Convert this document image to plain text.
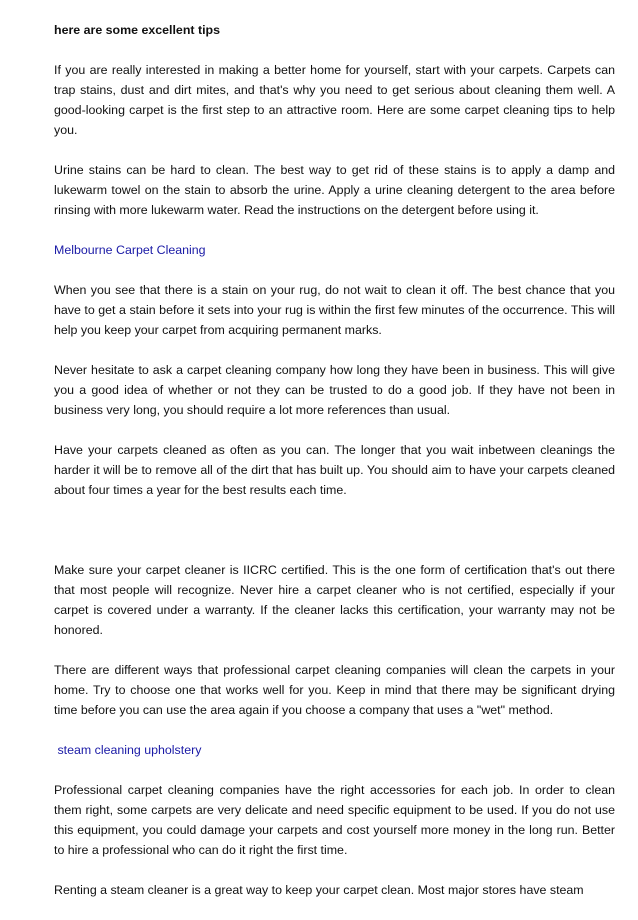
here are some excellent tips

If you are really interested in making a better home for yourself, start with your carpets. Carpets can trap stains, dust and dirt mites, and that's why you need to get serious about cleaning them well. A good-looking carpet is the first step to an attractive room. Here are some carpet cleaning tips to help you.

Urine stains can be hard to clean. The best way to get rid of these stains is to apply a damp and lukewarm towel on the stain to absorb the urine. Apply a urine cleaning detergent to the area before rinsing with more lukewarm water. Read the instructions on the detergent before using it.

Melbourne Carpet Cleaning

When you see that there is a stain on your rug, do not wait to clean it off. The best chance that you have to get a stain before it sets into your rug is within the first few minutes of the occurrence. This will help you keep your carpet from acquiring permanent marks.

Never hesitate to ask a carpet cleaning company how long they have been in business. This will give you a good idea of whether or not they can be trusted to do a good job. If they have not been in business very long, you should require a lot more references than usual.

Have your carpets cleaned as often as you can. The longer that you wait inbetween cleanings the harder it will be to remove all of the dirt that has built up. You should aim to have your carpets cleaned about four times a year for the best results each time.

Make sure your carpet cleaner is IICRC certified. This is the one form of certification that's out there that most people will recognize. Never hire a carpet cleaner who is not certified, especially if your carpet is covered under a warranty. If the cleaner lacks this certification, your warranty may not be honored.

There are different ways that professional carpet cleaning companies will clean the carpets in your home. Try to choose one that works well for you. Keep in mind that there may be significant drying time before you can use the area again if you choose a company that uses a "wet" method.

steam cleaning upholstery

Professional carpet cleaning companies have the right accessories for each job. In order to clean them right, some carpets are very delicate and need specific equipment to be used. If you do not use this equipment, you could damage your carpets and cost yourself more money in the long run. Better to hire a professional who can do it right the first time.

Renting a steam cleaner is a great way to keep your carpet clean. Most major stores have steam
